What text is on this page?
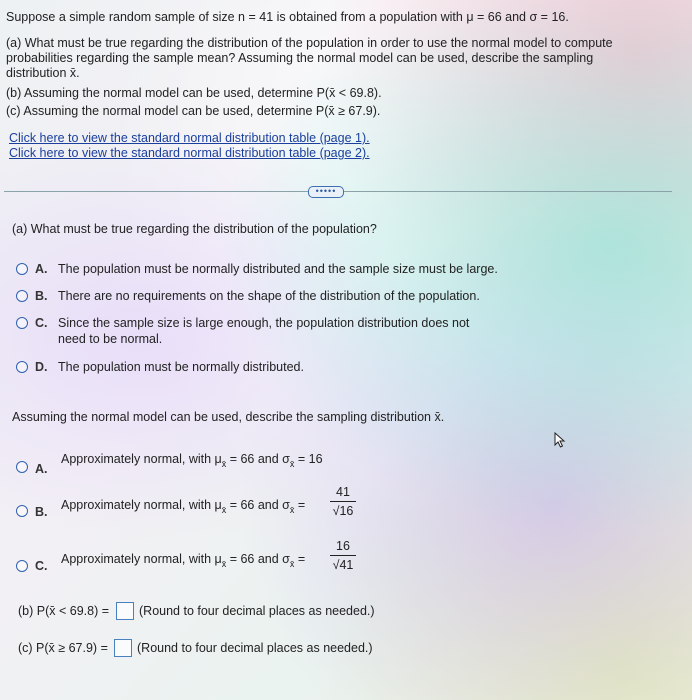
Suppose a simple random sample of size n = 41 is obtained from a population with μ = 66 and σ = 16.
(a) What must be true regarding the distribution of the population in order to use the normal model to compute
probabilities regarding the sample mean? Assuming the normal model can be used, describe the sampling
distribution x̄.
(b) Assuming the normal model can be used, determine P(x̄ < 69.8).
(c) Assuming the normal model can be used, determine P(x̄ ≥ 67.9).
Click here to view the standard normal distribution table (page 1).
Click here to view the standard normal distribution table (page 2).
•••••
(a) What must be true regarding the distribution of the population?
A. The population must be normally distributed and the sample size must be large.
B. There are no requirements on the shape of the distribution of the population.
C. Since the sample size is large enough, the population distribution does not
need to be normal.
D. The population must be normally distributed.
Assuming the normal model can be used, describe the sampling distribution x̄.
A.
Approximately normal, with $\mu_{x̄} = 66$ and $\sigma_{x̄} = 16$
B. Approximately normal, with $\mu_{x̄} = 66$ and $\sigma_{x̄}$ =
41
√16
C. Approximately normal, with $\mu_{x̄} = 66$ and $\sigma_{x̄}$ =
16
√41
(b) P(x̄ < 69.8) = (Round to four decimal places as needed.)
(c) P(x̄ ≥ 67.9) = (Round to four decimal places as needed.)
